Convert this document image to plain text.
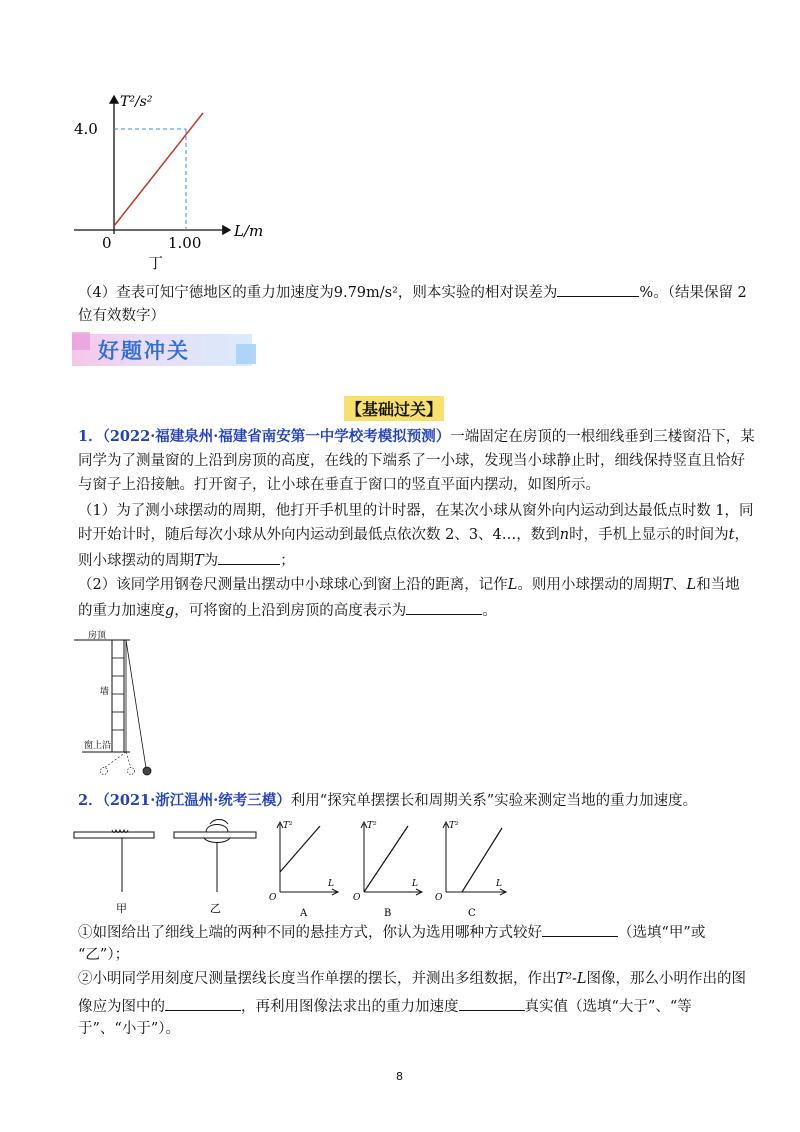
T²/s²
4.0
L/m
1.00
0
丁
（4）查表可知宁德地区的重力加速度为9.79m/s²，则本实验的相对误差为	%。（结果保留 2
位有效数字）
好题冲关
【基础过关】
1．（2022·福建泉州·福建省南安第一中学校考模拟预测）一端固定在房顶的一根细线垂到三楼窗沿下，某
同学为了测量窗的上沿到房顶的高度，在线的下端系了一小球，发现当小球静止时，细线保持竖直且恰好
与窗子上沿接触。打开窗子，让小球在垂直于窗口的竖直平面内摆动，如图所示。
（1）为了测小球摆动的周期，他打开手机里的计时器，在某次小球从窗外向内运动到达最低点时数 1，同
时开始计时，随后每次小球从外向内运动到最低点依次数 2、3、4…，数到n时，手机上显示的时间为t，
则小球摆动的周期T为	；
（2）该同学用钢卷尺测量出摆动中小球球心到窗上沿的距离，记作L。则用小球摆动的周期T、L和当地
的重力加速度g，可将窗的上沿到房顶的高度表示为	。
房顶
墙
窗上沿
2．（2021·浙江温州·统考三模）利用“探究单摆摆长和周期关系”实验来测定当地的重力加速度。
甲	乙
T²
L
O
A
T²
L
O
B
T²
L
O
C
①如图给出了细线上端的两种不同的悬挂方式，你认为选用哪种方式较好	（选填“甲”或
“乙”）；
②小明同学用刻度尺测量摆线长度当作单摆的摆长，并测出多组数据，作出T²-L图像，那么小明作出的图
像应为图中的	，再利用图像法求出的重力加速度	真实值（选填“大于”、“等
于”、“小于”）。
8
